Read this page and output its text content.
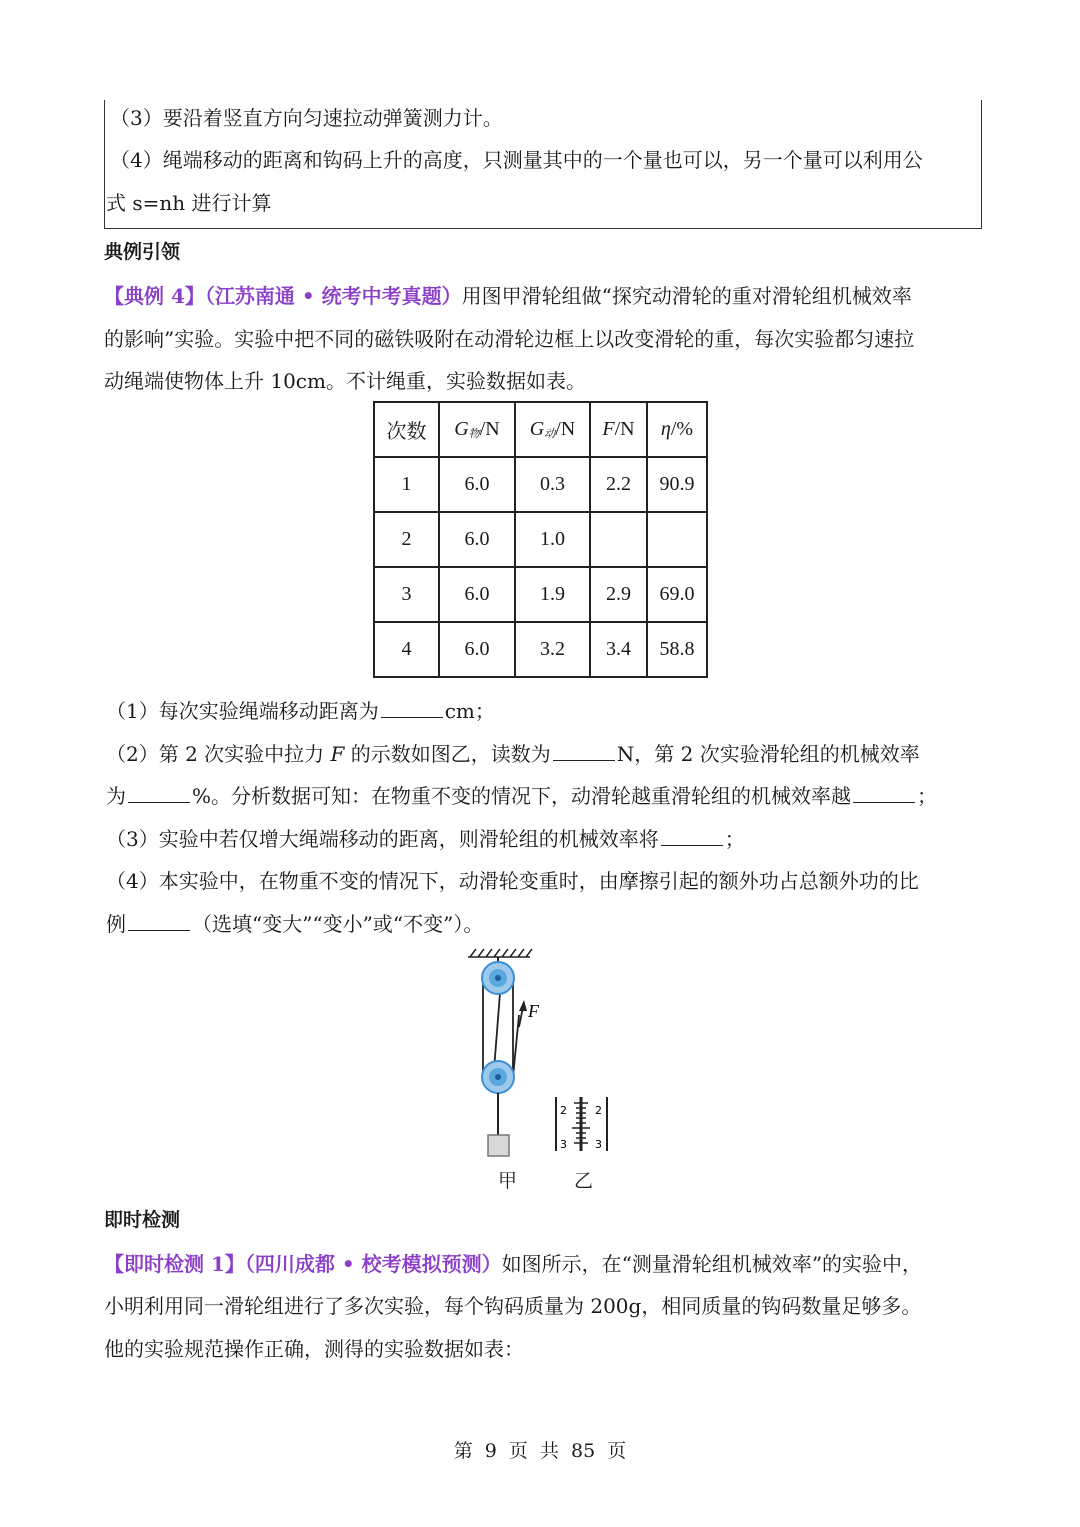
（3）要沿着竖直方向匀速拉动弹簧测力计。
（4）绳端移动的距离和钩码上升的高度，只测量其中的一个量也可以，另一个量可以利用公
式 s=nh 进行计算
典例引领
【典例 4】（江苏南通 • 统考中考真题）用图甲滑轮组做“探究动滑轮的重对滑轮组机械效率
的影响”实验。实验中把不同的磁铁吸附在动滑轮边框上以改变滑轮的重，每次实验都匀速拉
动绳端使物体上升 10cm。不计绳重，实验数据如表。
次数	G物/N	G动/N	F/N	η/%
1	6.0	0.3	2.2	90.9
2	6.0	1.0		
3	6.0	1.9	2.9	69.0
4	6.0	3.2	3.4	58.8
（1）每次实验绳端移动距离为	cm；
（2）第 2 次实验中拉力 F 的示数如图乙，读数为	N，第 2 次实验滑轮组的机械效率
为	%。分析数据可知：在物重不变的情况下，动滑轮越重滑轮组的机械效率越	；
（3）实验中若仅增大绳端移动的距离，则滑轮组的机械效率将	；
（4）本实验中，在物重不变的情况下，动滑轮变重时，由摩擦引起的额外功占总额外功的比
例	（选填“变大”“变小”或“不变”）。
F
2	2
3	3
甲	乙
即时检测
【即时检测 1】（四川成都 • 校考模拟预测）如图所示，在“测量滑轮组机械效率”的实验中，
小明利用同一滑轮组进行了多次实验，每个钩码质量为 200g，相同质量的钩码数量足够多。
他的实验规范操作正确，测得的实验数据如表：
第 9 页 共 85 页
